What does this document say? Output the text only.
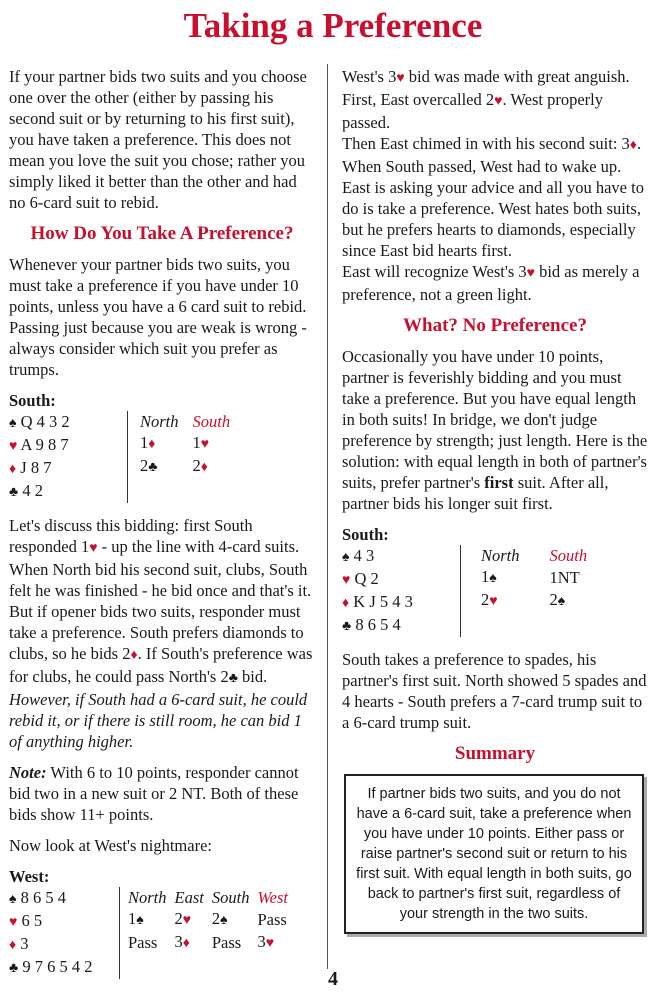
Taking a Preference

If your partner bids two suits and you choose one over the other (either by passing his second suit or by returning to his first suit), you have taken a preference. This does not mean you love the suit you chose; rather you simply liked it better than the other and had no 6-card suit to rebid.

How Do You Take A Preference?

Whenever your partner bids two suits, you must take a preference if you have under 10 points, unless you have a 6 card suit to rebid. Passing just because you are weak is wrong - always consider which suit you prefer as trumps.

South:
♠ Q 4 3 2
♥ A 9 8 7
♦ J 8 7
♣ 4 2
North	South
1♦	1♥
2♣	2♦

Let's discuss this bidding: first South responded 1♥ - up the line with 4-card suits. When North bid his second suit, clubs, South felt he was finished - he bid once and that's it. But if opener bids two suits, responder must take a preference. South prefers diamonds to clubs, so he bids 2♦. If South's preference was for clubs, he could pass North's 2♣ bid. However, if South had a 6-card suit, he could rebid it, or if there is still room, he can bid 1 of anything higher.

Note: With 6 to 10 points, responder cannot bid two in a new suit or 2 NT. Both of these bids show 11+ points.

Now look at West's nightmare:

West:
♠ 8 6 5 4
♥ 6 5
♦ 3
♣ 9 7 6 5 4 2
North	East	South	West
1♠	2♥	2♠	Pass
Pass	3♦	Pass	3♥

West's 3♥ bid was made with great anguish. First, East overcalled 2♥. West properly passed.

Then East chimed in with his second suit: 3♦. When South passed, West had to wake up. East is asking your advice and all you have to do is take a preference. West hates both suits, but he prefers hearts to diamonds, especially since East bid hearts first.

East will recognize West's 3♥ bid as merely a preference, not a green light.

What? No Preference?

Occasionally you have under 10 points, partner is feverishly bidding and you must take a preference. But you have equal length in both suits! In bridge, we don't judge preference by strength; just length. Here is the solution: with equal length in both of partner's suits, prefer partner's first suit. After all, partner bids his longer suit first.

South:
♠ 4 3
♥ Q 2
♦ K J 5 4 3
♣ 8 6 5 4
North	South
1♠	1NT
2♥	2♠

South takes a preference to spades, his partner's first suit. North showed 5 spades and 4 hearts - South prefers a 7-card trump suit to a 6-card trump suit.

Summary
If partner bids two suits, and you do not have a 6-card suit, take a preference when you have under 10 points. Either pass or raise partner's second suit or return to his first suit. With equal length in both suits, go back to partner's first suit, regardless of your strength in the two suits.
4
